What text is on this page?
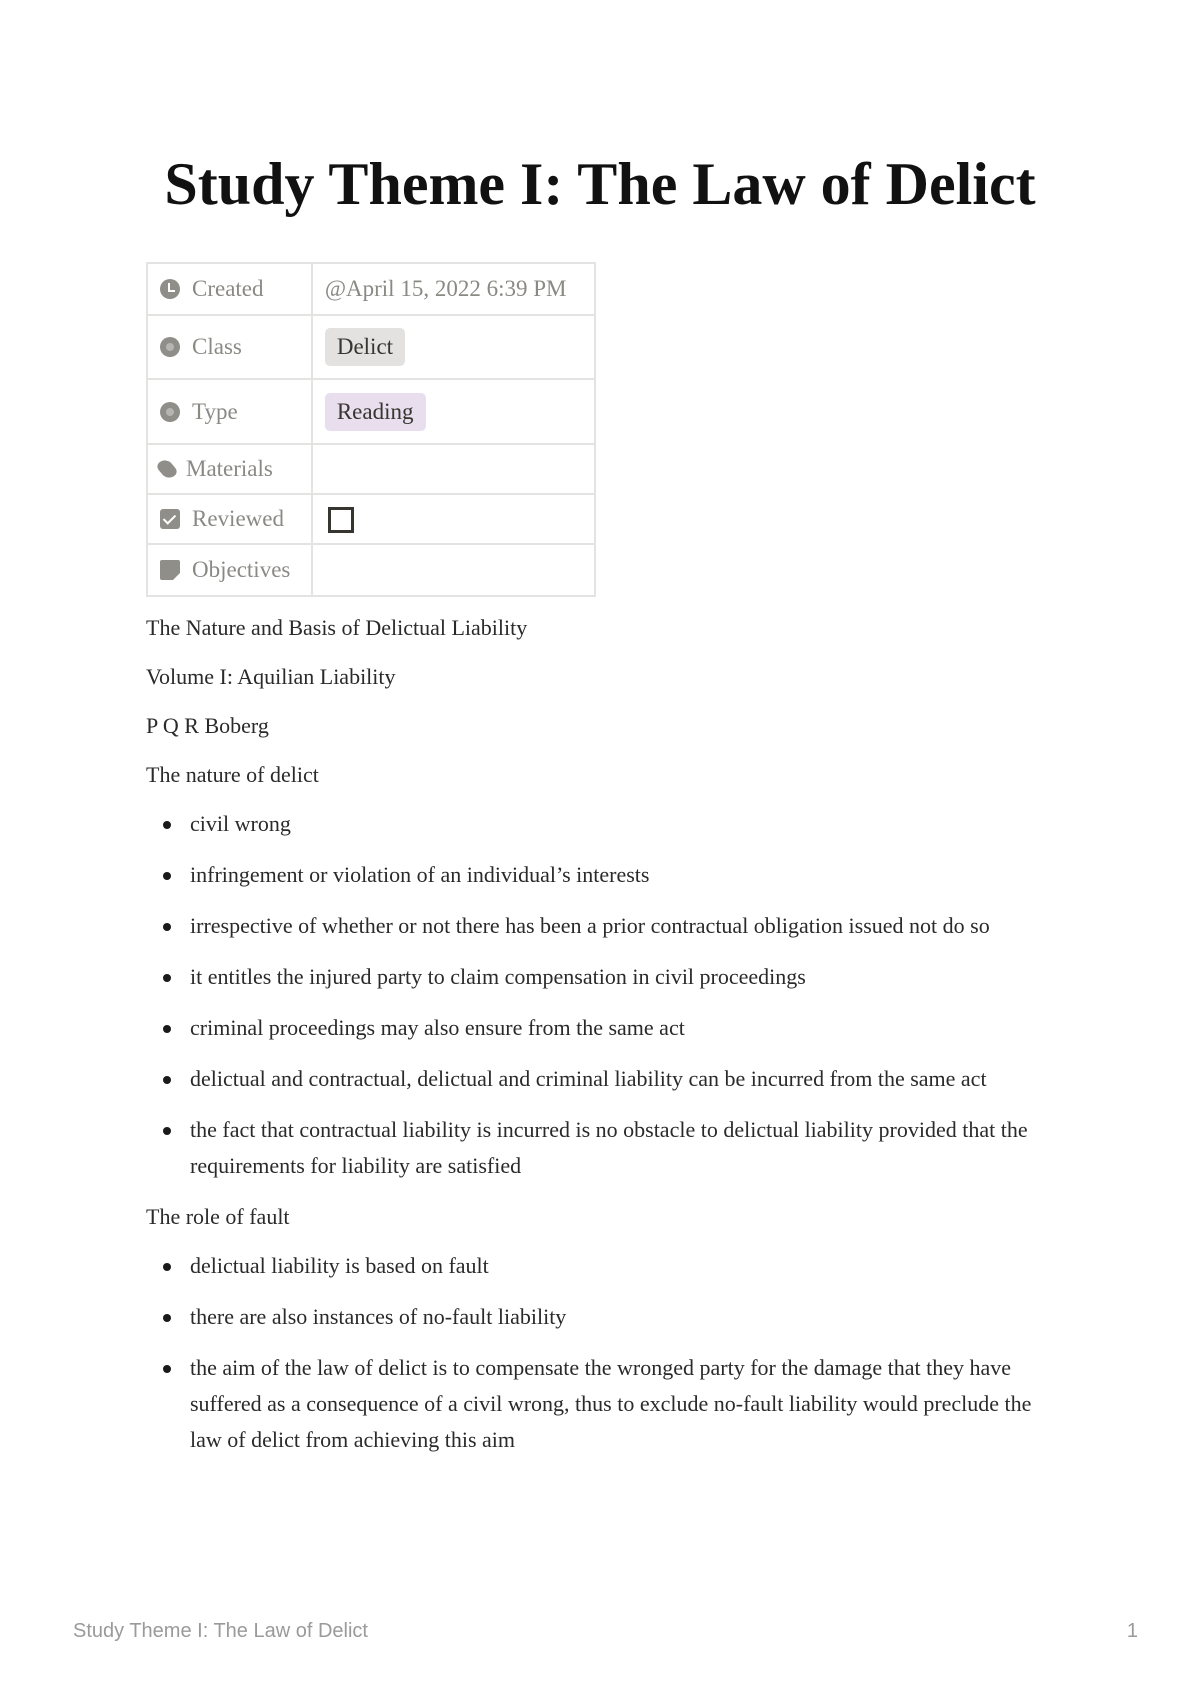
Study Theme I: The Law of Delict
Created	@April 15, 2022 6:39 PM
Class	Delict
Type	Reading
Materials	
Reviewed	
Objectives	

The Nature and Basis of Delictual Liability

Volume I: Aquilian Liability

P Q R Boberg

The nature of delict

civil wrong
infringement or violation of an individual’s interests
irrespective of whether or not there has been a prior contractual obligation issued not do so
it entitles the injured party to claim compensation in civil proceedings
criminal proceedings may also ensure from the same act
delictual and contractual, delictual and criminal liability can be incurred from the same act
the fact that contractual liability is incurred is no obstacle to delictual liability provided that the requirements for liability are satisfied

The role of fault

delictual liability is based on fault
there are also instances of no-fault liability
the aim of the law of delict is to compensate the wronged party for the damage that they have suffered as a consequence of a civil wrong, thus to exclude no-fault liability would preclude the law of delict from achieving this aim
Study Theme I: The Law of Delict	1
